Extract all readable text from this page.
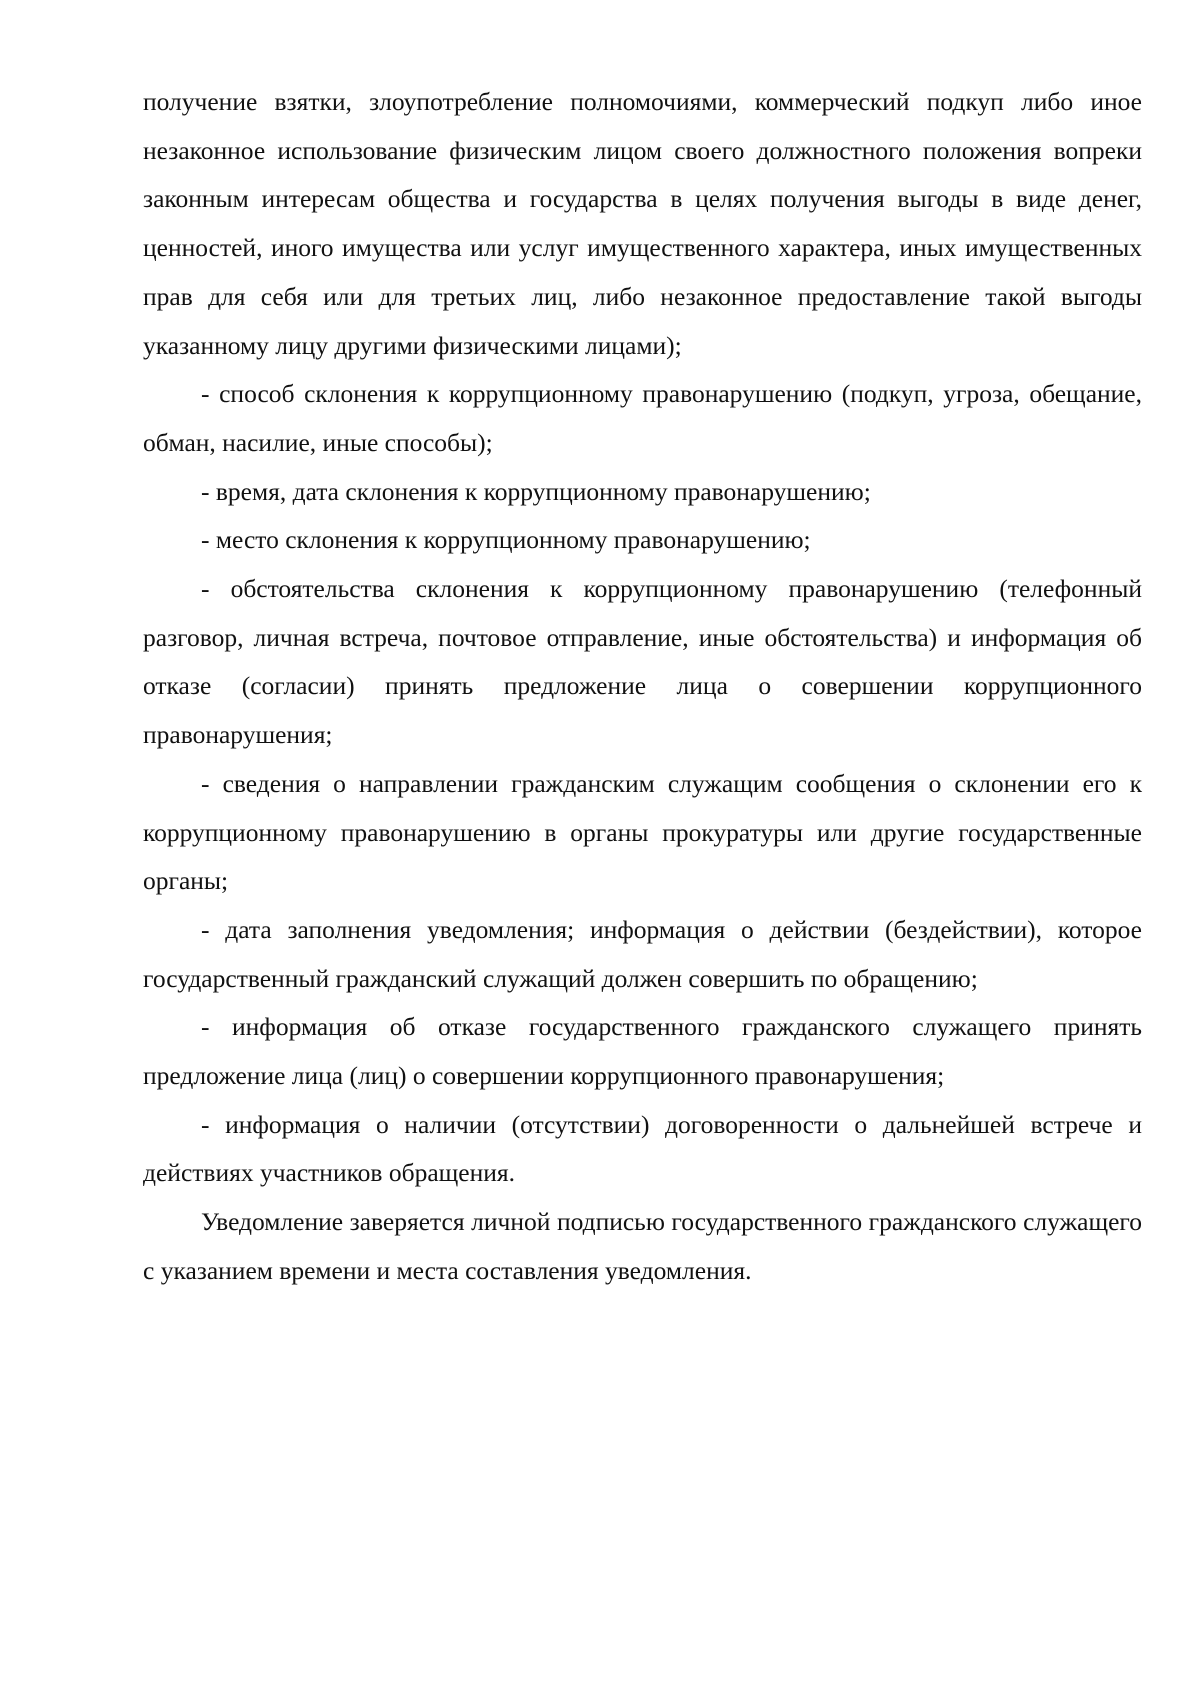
получение взятки, злоупотребление полномочиями, коммерческий подкуп либо иное незаконное использование физическим лицом своего должностного положения вопреки законным интересам общества и государства в целях получения выгоды в виде денег, ценностей, иного имущества или услуг имущественного характера, иных имущественных прав для себя или для третьих лиц, либо незаконное предоставление такой выгоды указанному лицу другими физическими лицами);

- способ склонения к коррупционному правонарушению (подкуп, угроза, обещание, обман, насилие, иные способы);

- время, дата склонения к коррупционному правонарушению;

- место склонения к коррупционному правонарушению;

- обстоятельства склонения к коррупционному правонарушению (телефонный разговор, личная встреча, почтовое отправление, иные обстоятельства) и информация об отказе (согласии) принять предложение лица о совершении коррупционного правонарушения;

- сведения о направлении гражданским служащим сообщения о склонении его к коррупционному правонарушению в органы прокуратуры или другие государственные органы;

- дата заполнения уведомления; информация о действии (бездействии), которое государственный гражданский служащий должен совершить по обращению;

- информация об отказе государственного гражданского служащего принять предложение лица (лиц) о совершении коррупционного правонарушения;

- информация о наличии (отсутствии) договоренности о дальнейшей встрече и действиях участников обращения.

Уведомление заверяется личной подписью государственного гражданского служащего с указанием времени и места составления уведомления.
